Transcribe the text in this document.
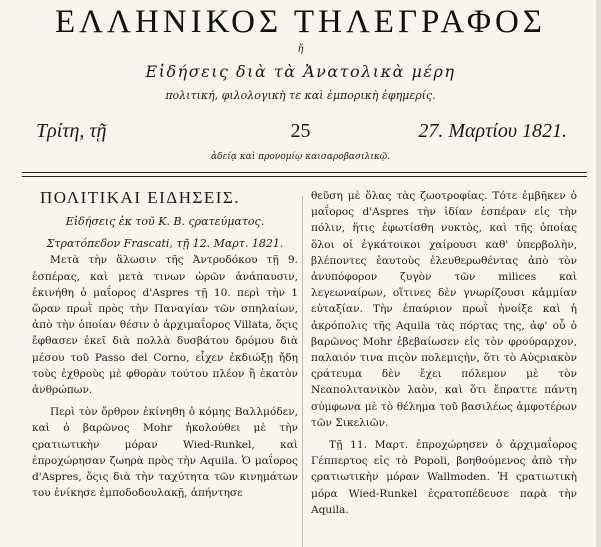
ΕΛΛΗΝΙΚΟΣ ΤΗΛΕΓΡΑΦΟΣ
ἤ
Εἰδήσεις διὰ τὰ Ἀνατολικὰ μέρη
πολιτική, φιλολογικὴ τε καὶ ἐμπορικὴ ἐφημερίς.
25
Τρίτη, τῇ	27. Μαρτίου 1821.
ἀδείᾳ καὶ προνομίῳ καισαροβασιλικῷ.
ΠΟΛΙΤΙΚΑΙ ΕΙΔΗΣΕΙΣ.
Εἰδήσεις ἐκ τοῦ Κ. Β. ςρατεύματος.

Στρατόπεδον Frascati, τῇ 12. Μαρτ. 1821.

Μετὰ τὴν ἅλωσιν τῆς Ἀντροδόκου τῇ 9. ἑσπέρας, καὶ μετὰ τινων ὡρῶν ἀνάπαυσιν, ἐκινήθη ὁ μαΐορος d'Aspres τῇ 10. περὶ τὴν 1 ὥραν πρωῒ πρὸς τὴν Παναγίαν τῶν σπηλαίων, ἀπὸ τὴν ὁποίαν θέσιν ὁ ἀρχιμαΐορος Villata, ὅςις ἔφθασεν ἐκεῖ διὰ πολλὰ δυσβάτου δρόμου διὰ μέσου τοῦ Passo del Corno, εἶχεν ἐκδιώξῃ ἤδη τοὺς ἐχθροὺς μὲ φθορὰν τούτου πλέον ἢ ἑκατὸν ἀνθρώπων.

Περὶ τὸν ὄρθρον ἐκίνηθη ὁ κόμης Βαλλμόδεν, καὶ ὁ βαρῶνος Mohr ἠκολούθει μὲ τὴν ςρατιωτικὴν μόραν Wied-Runkel, καὶ ἐπροχώρησαν ζωηρὰ πρὸς τὴν Aquila. Ὁ μαΐορος d'Aspres, ὅςις διὰ τὴν ταχύτητα τῶν κινημάτων του ἐνίκησε ἐμποδοδουλακῇ, ἀπήντησε

θεῦση μὲ ὅλας τὰς ζωοτροφίας. Τότε ἐμβῆκεν ὁ μαΐορος d'Aspres τὴν ἰδίαν ἑσπέραν εἰς τὴν πόλιν, ἥτις ἐφωτίσθη νυκτὸς, καὶ τῆς ὁποίας ὅλοι οἱ ἐγκάτοικοι χαίρουσι καθ' ὑπερβολὴν, βλέποντες ἑαυτοὺς ἐλευθερωθέντας ἀπὸ τὸν ἀνυπόφορον ζυγὸν τῶν milices καὶ λεγεωναίρων, οἵτινες δὲν γνωρίζουσι κἀμμίαν εὐταξίαν. Τὴν ἐπαύριον πρωῒ ἠνοίξε καὶ ἡ ἀκρόπολις τῆς Aquila τὰς πόρτας της, ἀφ' οὗ ὁ βαρῶνος Mohr ἐβεβαίωσεν εἰς τὸν φρούραρχον, παλαιόν τινα πιςὸν πολεμιςὴν, ὅτι τὸ Αὐςριακὸν ςράτευμα δὲν ἔχει πόλεμον μὲ τὸν Νεαπολιτανικὸν λαὸν, καὶ ὅτι ἔπραττε πάντη σύμφωνα μὲ τὸ θέλημα τοῦ βασιλέως ἀμφοτέρων τῶν Σικελιῶν.

Τῇ 11. Μαρτ. ἐπροχώρησεν ὁ ἀρχιμαΐορος Γέππερτος εἰς τὸ Popoli, βοηθούμενος ἀπὸ τὴν ςρατιωτικὴν μόραν Wallmoden. Ἡ ςρατιωτικὴ μόρα Wied-Runkel ἐςρατοπέδευσε παρὰ τὴν Aquila.
